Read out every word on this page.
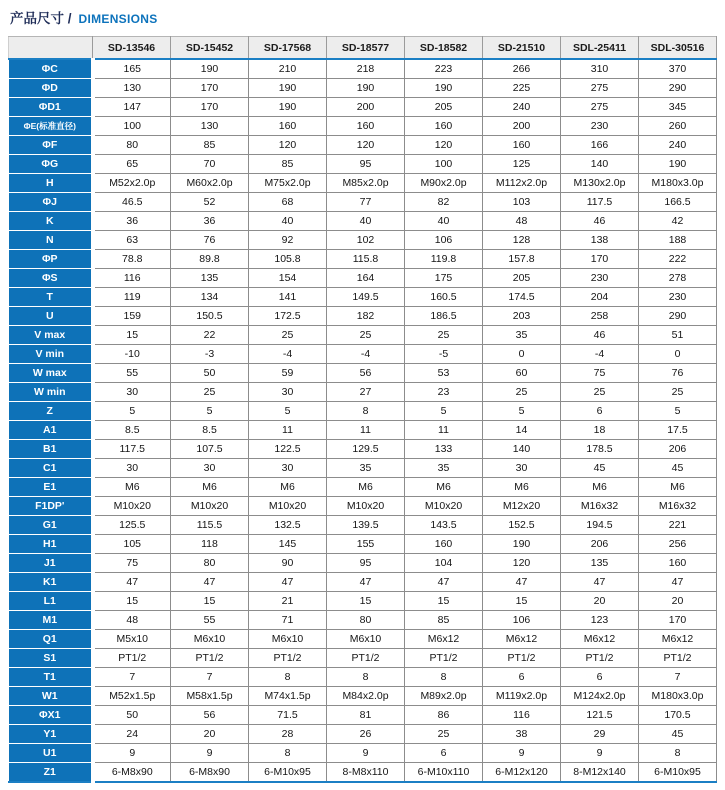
产品尺寸 / DIMENSIONS
	SD-13546	SD-15452	SD-17568	SD-18577	SD-18582	SD-21510	SDL-25411	SDL-30516
ΦC	165	190	210	218	223	266	310	370
ΦD	130	170	190	190	190	225	275	290
ΦD1	147	170	190	200	205	240	275	345
ΦE(标准直径)	100	130	160	160	160	200	230	260
ΦF	80	85	120	120	120	160	166	240
ΦG	65	70	85	95	100	125	140	190
H	M52x2.0p	M60x2.0p	M75x2.0p	M85x2.0p	M90x2.0p	M112x2.0p	M130x2.0p	M180x3.0p
ΦJ	46.5	52	68	77	82	103	117.5	166.5
K	36	36	40	40	40	48	46	42
N	63	76	92	102	106	128	138	188
ΦP	78.8	89.8	105.8	115.8	119.8	157.8	170	222
ΦS	116	135	154	164	175	205	230	278
T	119	134	141	149.5	160.5	174.5	204	230
U	159	150.5	172.5	182	186.5	203	258	290
V max	15	22	25	25	25	35	46	51
V min	-10	-3	-4	-4	-5	0	-4	0
W max	55	50	59	56	53	60	75	76
W min	30	25	30	27	23	25	25	25
Z	5	5	5	8	5	5	6	5
A1	8.5	8.5	11	11	11	14	18	17.5
B1	117.5	107.5	122.5	129.5	133	140	178.5	206
C1	30	30	30	35	35	30	45	45
E1	M6	M6	M6	M6	M6	M6	M6	M6
F1DP'	M10x20	M10x20	M10x20	M10x20	M10x20	M12x20	M16x32	M16x32
G1	125.5	115.5	132.5	139.5	143.5	152.5	194.5	221
H1	105	118	145	155	160	190	206	256
J1	75	80	90	95	104	120	135	160
K1	47	47	47	47	47	47	47	47
L1	15	15	21	15	15	15	20	20
M1	48	55	71	80	85	106	123	170
Q1	M5x10	M6x10	M6x10	M6x10	M6x12	M6x12	M6x12	M6x12
S1	PT1/2	PT1/2	PT1/2	PT1/2	PT1/2	PT1/2	PT1/2	PT1/2
T1	7	7	8	8	8	6	6	7
W1	M52x1.5p	M58x1.5p	M74x1.5p	M84x2.0p	M89x2.0p	M119x2.0p	M124x2.0p	M180x3.0p
ΦX1	50	56	71.5	81	86	116	121.5	170.5
Y1	24	20	28	26	25	38	29	45
U1	9	9	8	9	6	9	9	8
Z1	6-M8x90	6-M8x90	6-M10x95	8-M8x110	6-M10x110	6-M12x120	8-M12x140	6-M10x95
